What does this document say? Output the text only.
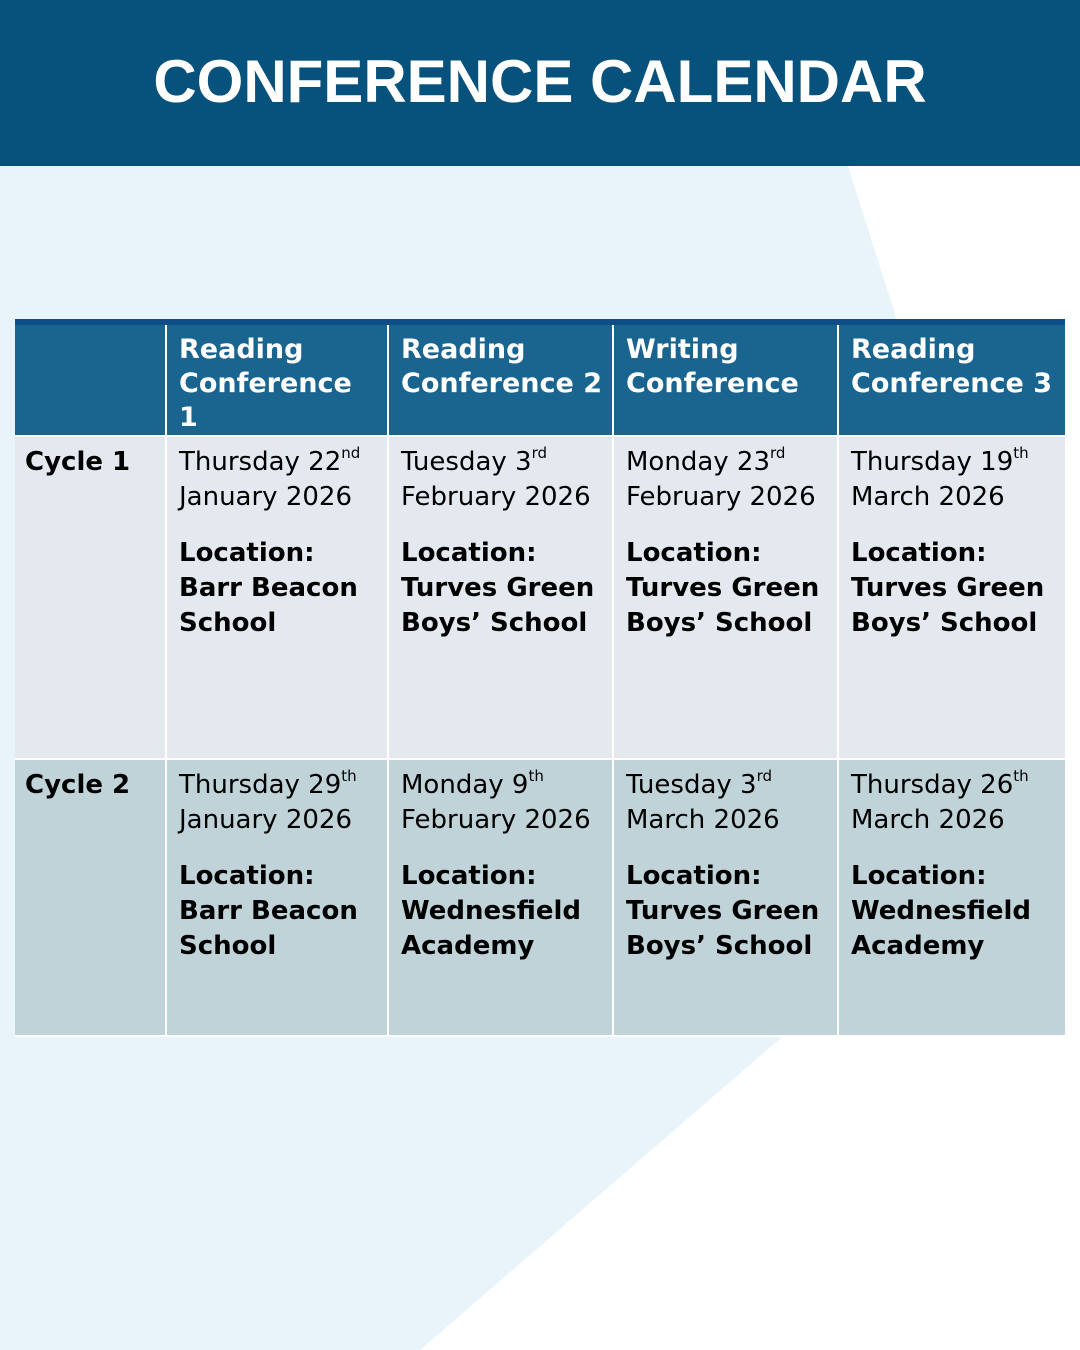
CONFERENCE CALENDAR
	Reading Conference 1	Reading Conference 2	Writing Conference	Reading Conference 3
Cycle 1	Thursday 22nd
January 2026
Location: Barr Beacon School	Tuesday 3rd
February 2026
Location: Turves Green Boys’ School	Monday 23rd
February 2026
Location: Turves Green Boys’ School	Thursday 19th
March 2026
Location: Turves Green Boys’ School

Cycle 2	Thursday 29th
January 2026
Location: Barr Beacon School	Monday 9th
February 2026
Location: Wednesfield Academy	Tuesday 3rd
March 2026
Location: Turves Green Boys’ School	Thursday 26th
March 2026
Location: Wednesfield Academy
